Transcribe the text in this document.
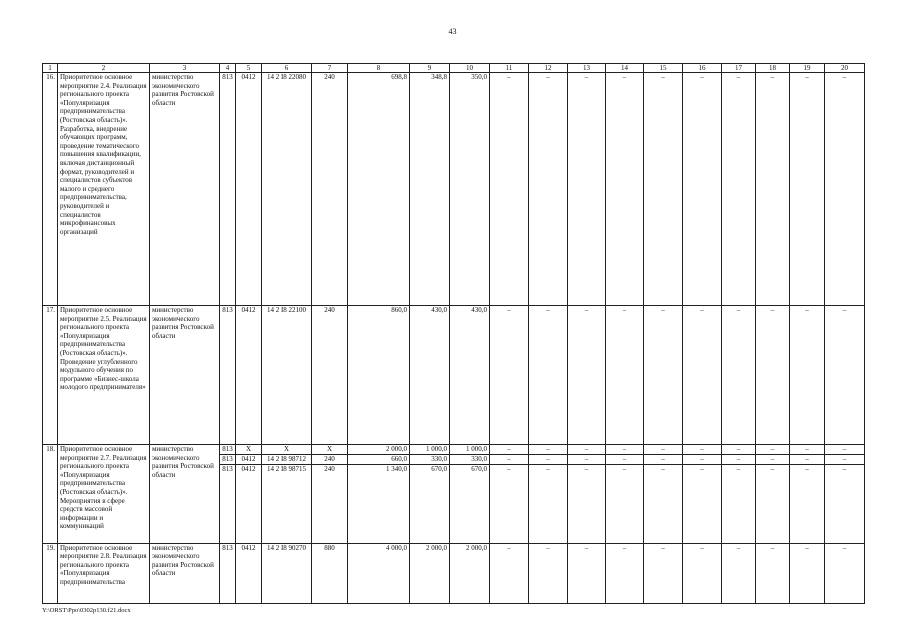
43
1	2	3	4	5	6	7	8	9	10	11	12	13	14	15	16	17	18	19	20
16.	Приоритетное основное мероприятие 2.4. Реализация регионального проекта «Популяризация предпринимательства (Ростовская область)». Разработка, внедрение обучающих программ, проведение тематического повышения квалификации, включая дистанционный формат, руководителей и специалистов субъектов малого и среднего предпринимательства, руководителей и специалистов микрофинансовых организаций	министерство экономического развития Ростовской области	813	0412	14 2 I8 22080	240	698,8	348,8	350,0	–	–	–	–	–	–	–	–	–	–
17.	Приоритетное основное мероприятие 2.5. Реализация регионального проекта «Популяризация предпринимательства (Ростовская область)». Проведение углубленного модульного обучения по программе «Бизнес-школа молодого предпринимателя»	министерство экономического развития Ростовской области	813	0412	14 2 I8 22100	240	860,0	430,0	430,0	–	–	–	–	–	–	–	–	–	–
18.	Приоритетное основное мероприятие 2.7. Реализация регионального проекта «Популяризация предпринимательства (Ростовская область)». Мероприятия в сфере средств массовой информации и коммуникаций	министерство экономического развития Ростовской области	813	Х	Х	Х	2 000,0	1 000,0	1 000,0	–	–	–	–	–	–	–	–	–	–
			813	0412	14 2 I8 98712	240	660,0	330,0	330,0	–	–	–	–	–	–	–	–	–	–
			813	0412	14 2 I8 98715	240	1 340,0	670,0	670,0	–	–	–	–	–	–	–	–	–	–
19.	Приоритетное основное мероприятие 2.8. Реализация регионального проекта «Популяризация предпринимательства	министерство экономического развития Ростовской области	813	0412	14 2 I8 90270	880	4 000,0	2 000,0	2 000,0	–	–	–	–	–	–	–	–	–	–
Y:\ORST\Ppo\0302p130.f21.docx
